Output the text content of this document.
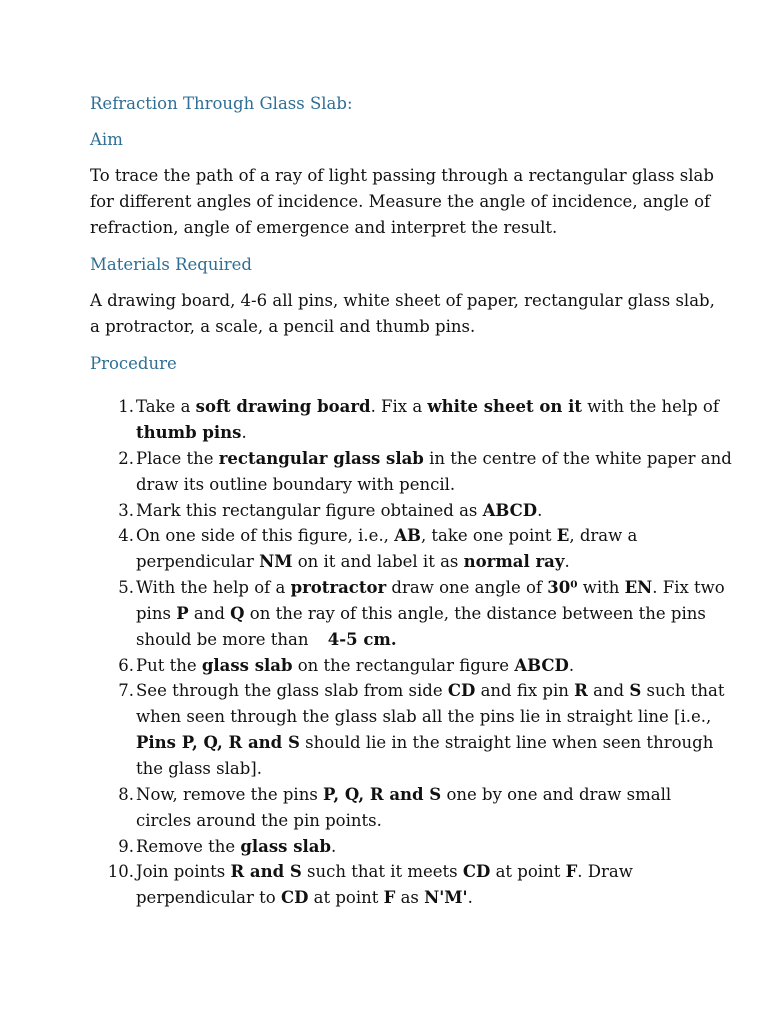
Refraction Through Glass Slab:
Aim
To trace the path of a ray of light passing through a rectangular glass slab
for different angles of incidence. Measure the angle of incidence, angle of
refraction, angle of emergence and interpret the result.
Materials Required
A drawing board, 4-6 all pins, white sheet of paper, rectangular glass slab,
a protractor, a scale, a pencil and thumb pins.
Procedure
1. Take a soft drawing board. Fix a white sheet on it with the help of
thumb pins.
2. Place the rectangular glass slab in the centre of the white paper and
draw its outline boundary with pencil.
3. Mark this rectangular figure obtained as ABCD.
4. On one side of this figure, i.e., AB, take one point E, draw a
perpendicular NM on it and label it as normal ray.
5. With the help of a protractor draw one angle of 30⁰ with EN. Fix two
pins P and Q on the ray of this angle, the distance between the pins
should be more than 4-5 cm.
6. Put the glass slab on the rectangular figure ABCD.
7. See through the glass slab from side CD and fix pin R and S such that
when seen through the glass slab all the pins lie in straight line [i.e.,
Pins P, Q, R and S should lie in the straight line when seen through
the glass slab].
8. Now, remove the pins P, Q, R and S one by one and draw small
circles around the pin points.
9. Remove the glass slab.
10. Join points R and S such that it meets CD at point F. Draw
perpendicular to CD at point F as N'M'.
